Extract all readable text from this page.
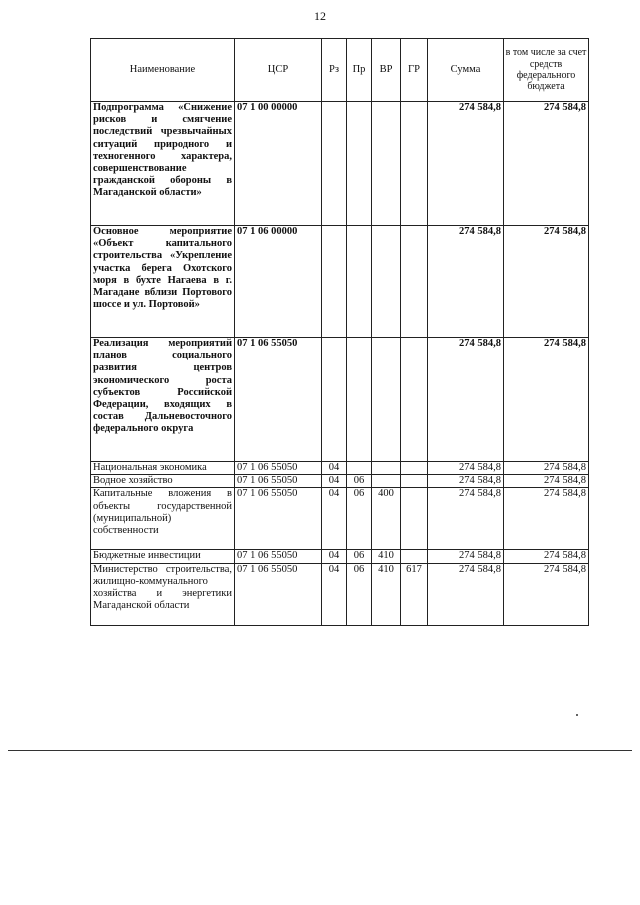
12
Наименование	ЦСР	Рз	Пр	ВР	ГР	Сумма	в том числе за счет средств федерального бюджета
Подпрограмма «Снижение рисков и смягчение последствий чрезвычайных ситуаций природного и техногенного характера, совершенствование гражданской обороны в Магаданской области»	07 1 00 00000					274 584,8	274 584,8
Основное мероприятие «Объект капитального строительства «Укрепление участка берега Охотского моря в бухте Нагаева в г. Магадане вблизи Портового шоссе и ул. Портовой»	07 1 06 00000					274 584,8	274 584,8
Реализация мероприятий планов социального развития центров экономического роста субъектов Российской Федерации, входящих в состав Дальневосточного федерального округа	07 1 06 55050					274 584,8	274 584,8
Национальная экономика	07 1 06 55050	04				274 584,8	274 584,8
Водное хозяйство	07 1 06 55050	04	06			274 584,8	274 584,8
Капитальные вложения в объекты государственной (муниципальной) собственности	07 1 06 55050	04	06	400		274 584,8	274 584,8
Бюджетные инвестиции	07 1 06 55050	04	06	410		274 584,8	274 584,8
Министерство строительства, жилищно-коммунального хозяйства и энергетики Магаданской области	07 1 06 55050	04	06	410	617	274 584,8	274 584,8
